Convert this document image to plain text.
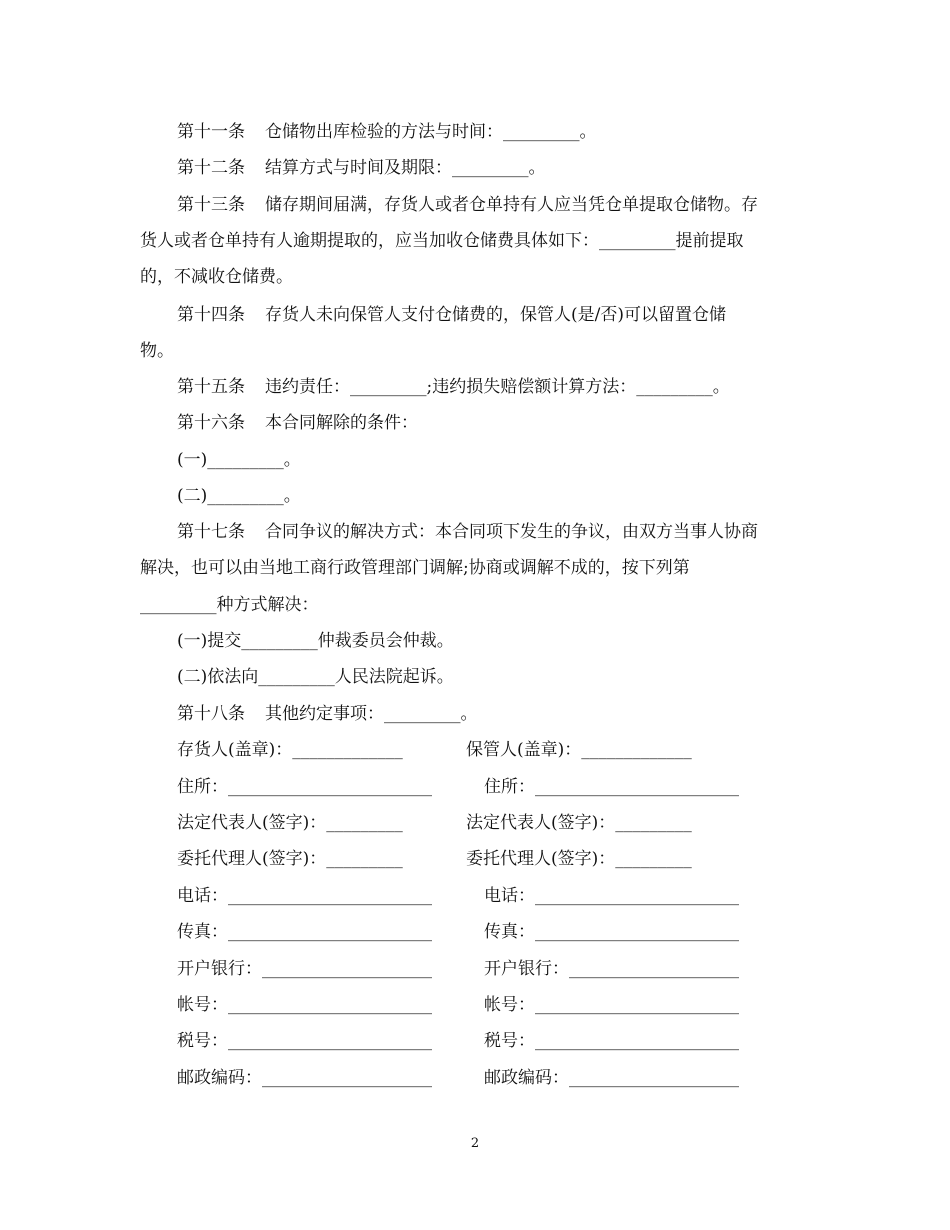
第十一条 仓储物出库检验的方法与时间：_________。
第十二条 结算方式与时间及期限：_________。
第十三条 储存期间届满，存货人或者仓单持有人应当凭仓单提取仓储物。存
货人或者仓单持有人逾期提取的，应当加收仓储费具体如下：_________提前提取
的，不减收仓储费。
第十四条 存货人未向保管人支付仓储费的，保管人(是/否)可以留置仓储
物。
第十五条 违约责任：_________;违约损失赔偿额计算方法：_________。
第十六条 本合同解除的条件：
(一)_________。
(二)_________。
第十七条 合同争议的解决方式：本合同项下发生的争议，由双方当事人协商
解决，也可以由当地工商行政管理部门调解;协商或调解不成的，按下列第
_________种方式解决：
(一)提交_________仲裁委员会仲裁。
(二)依法向_________人民法院起诉。
第十八条 其他约定事项：_________。
存货人(盖章)：_____________	保管人(盖章)：_____________
住所：________________________	住所：________________________
法定代表人(签字)：_________	法定代表人(签字)：_________
委托代理人(签字)：_________	委托代理人(签字)：_________
电话：________________________	电话：________________________
传真：________________________	传真：________________________
开户银行：____________________	开户银行：____________________
帐号：________________________	帐号：________________________
税号：________________________	税号：________________________
邮政编码：____________________	邮政编码：____________________
2
